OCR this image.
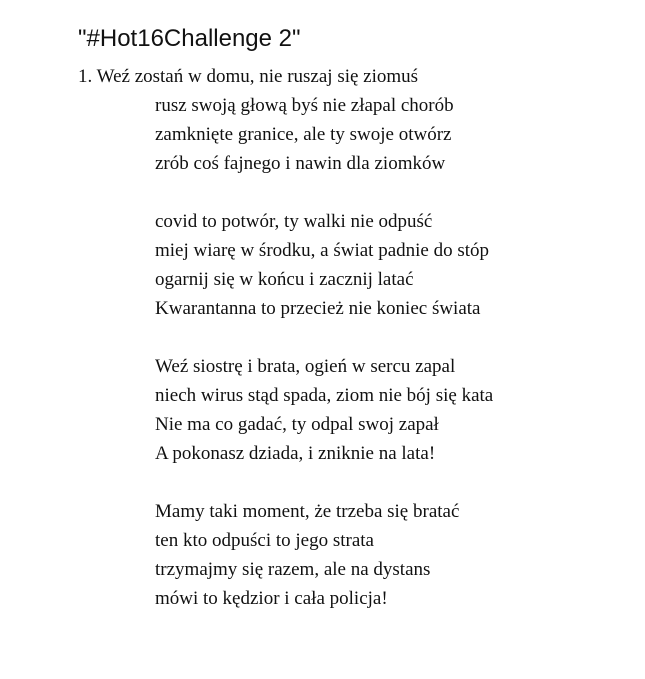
"#Hot16Challenge 2"
1. Weź zostań w domu, nie ruszaj się ziomuś
rusz swoją głową byś nie złapal chorób
zamknięte granice, ale ty swoje otwórz
zrób coś fajnego i nawin dla ziomków
covid to potwór, ty walki nie odpuść
miej wiarę w środku, a świat padnie do stóp
ogarnij się w końcu i zacznij latać
Kwarantanna to przecież nie koniec świata
Weź siostrę i brata, ogień w sercu zapal
niech wirus stąd spada, ziom nie bój się kata
Nie ma co gadać, ty odpal swoj zapał
A pokonasz dziada, i zniknie na lata!
Mamy taki moment, że trzeba się bratać
ten kto odpuści to jego strata
trzymajmy się razem, ale na dystans
mówi to kędzior i cała policja!
